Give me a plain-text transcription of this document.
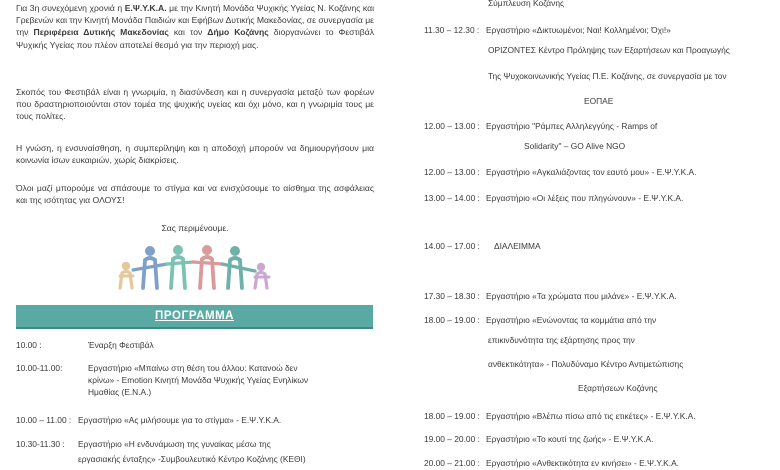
Για 3η συνεχόμενη χρονιά η Ε.Ψ.Υ.Κ.Α. με την Κινητή Μονάδα Ψυχικής Υγείας Ν. Κοζάνης και Γρεβενών και την Κινητή Μονάδα Παιδιών και Εφήβων Δυτικής Μακεδονίας, σε συνεργασία με την Περιφέρεια Δυτικής Μακεδονίας και τον Δήμο Κοζάνης διοργανώνει το Φεστιβάλ Ψυχικής Υγείας που πλέον αποτελεί θεσμό για την περιοχή μας.

Σκοπός του Φεστιβάλ είναι η γνωριμία, η διασύνδεση και η συνεργασία μεταξύ των φορέων που δραστηριοποιούνται στον τομέα της ψυχικής υγείας και όχι μόνο, και η γνωριμία τους με τους πολίτες.

Η γνώση, η ενσυναίσθηση, η συμπερίληψη και η αποδοχή μπορούν να δημιουργήσουν μια κοινωνία ίσων ευκαιριών, χωρίς διακρίσεις.

Όλοι μαζί μπορούμε να σπάσουμε το στίγμα και να ενισχύσουμε το αίσθημα της ασφάλειας και της ισότητας για ΟΛΟΥΣ!

Σας περιμένουμε.

ΠΡΟΓΡΑΜΜΑ
10.00 :	Έναρξη Φεστιβάλ
10.00-11.00:	Εργαστήριο «Μπαίνω στη θέση του άλλου: Κατανοώ δεν
κρίνω» - Emotion Κινητή Μονάδα Ψυχικής Υγείας Ενηλίκων
Ημαθίας (Ε.Ν.Α.)
10.00 – 11.00 : Εργαστήριο «Ας μιλήσουμε για το στίγμα» - Ε.Ψ.Υ.Κ.Α.
10.30-11.30 : Εργαστήριο «Η ενδυνάμωση της γυναίκας μέσω της
εργασιακής ένταξης» -Συμβουλευτικό Κέντρο Κοζάνης (ΚΕΘΙ)
Σύμπλευση Κοζάνης
11.30 – 12.30 : Εργαστήριο «Δικτυωμένοι; Ναι! Κολλημένοι; Όχι!»
ΟΡΙΖΟΝΤΕΣ Κέντρο Πρόληψης των Εξαρτήσεων και Προαγωγής
Της Ψυχοκοινωνικής Υγείας Π.Ε. Κοζάνης, σε συνεργασία με τον
ΕΟΠΑΕ
12.00 – 13.00 : Εργαστήριο "Ράμπες Αλληλεγγύης - Ramps of
Solidarity" – GO Alive NGO
12.00 – 13.00 : Εργαστήριο «Αγκαλιάζοντας τον εαυτό μου» - Ε.Ψ.Υ.Κ.Α.
13.00 – 14.00 : Εργαστήριο «Οι λέξεις που πληγώνουν» - Ε.Ψ.Υ.Κ.Α.
14.00 – 17.00 : ΔΙΑΛΕΙΜΜΑ
17.30 – 18.30 : Εργαστήριο «Τα χρώματα που μιλάνε» - Ε.Ψ.Υ.Κ.Α.
18.00 – 19.00 : Εργαστήριο «Ενώνοντας τα κομμάτια από την
επικινδυνότητα της εξάρτησης προς την
ανθεκτικότητα» - Πολυδύναμο Κέντρο Αντιμετώπισης
Εξαρτήσεων Κοζάνης
18.00 – 19.00 : Εργαστήριο «Βλέπω πίσω από τις ετικέτες» - Ε.Ψ.Υ.Κ.Α.
19.00 – 20.00 : Εργαστήριο «Το κουτί της ζωής» - Ε.Ψ.Υ.Κ.Α.
20.00 – 21.00 : Εργαστήριο «Ανθεκτικότητα εν κινήσει» - Ε.Ψ.Υ.Κ.Α.
